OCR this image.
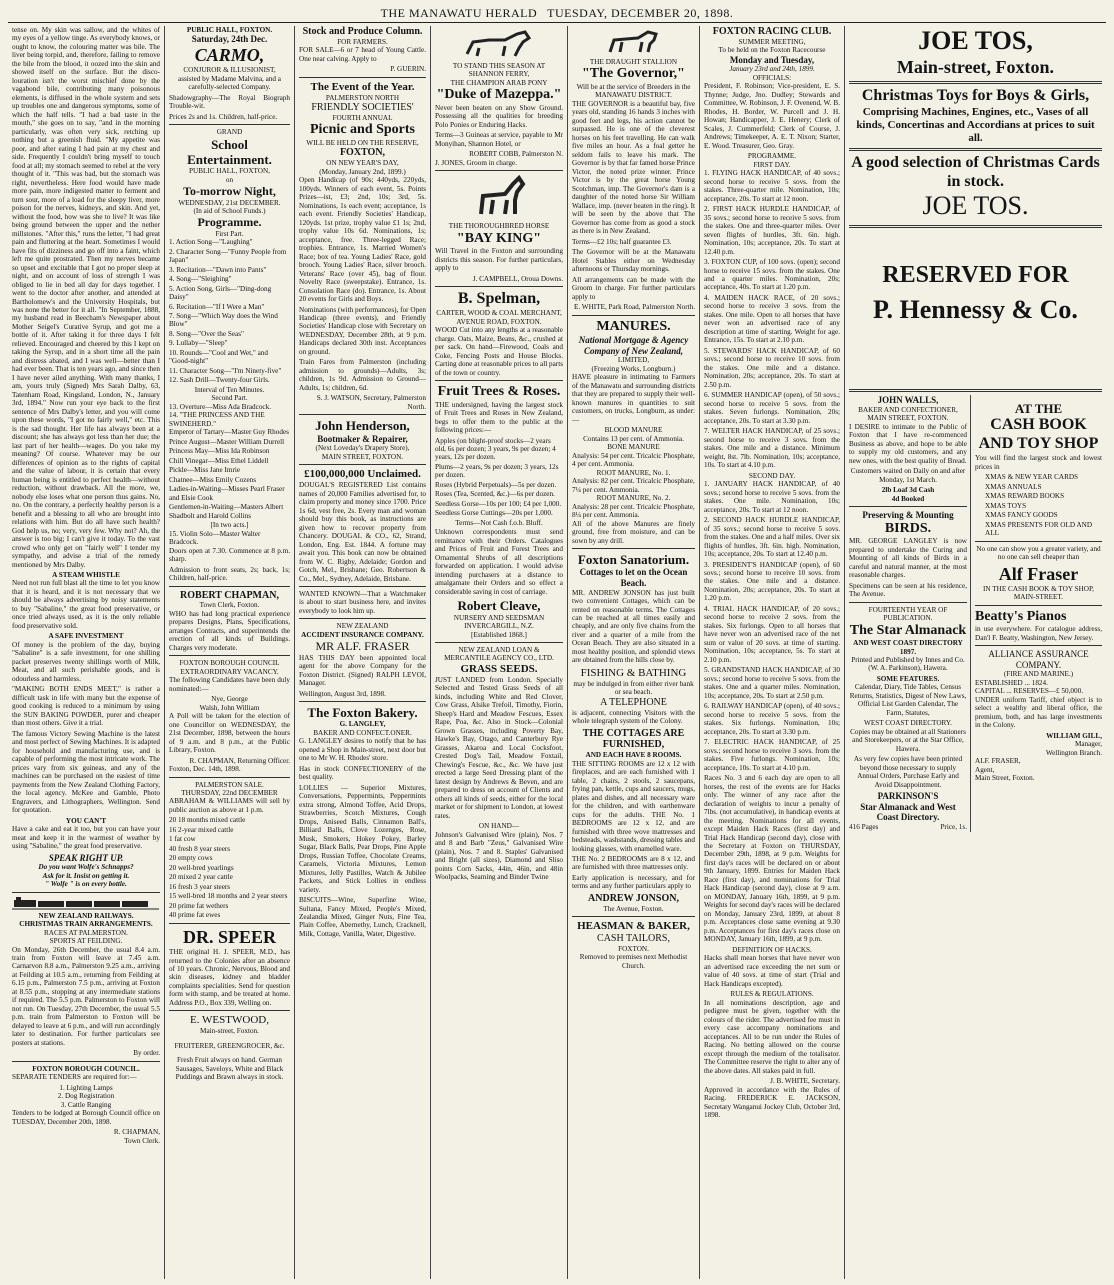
THE MANAWATU HERALD TUESDAY, DECEMBER 20, 1898.

tense on. My skin was sallow, and the whites of my eyes of a yellow tinge. As everybody knows, or ought to know, the colouring matter was bile. The liver being torpid, and, therefore, failing to remove the bile from the blood, it oozed into the skin and showed itself on the surface. But the disco-louration isn't the worst mischief done by the vagabond bile, contributing many poisonous elements, is diffused in the whole system and sets up troubles one and dangerous symptoms, some of which the half tells. "I had a bad taste in the mouth," she goes on to say, "and in the morning particularly, was often very sick, retching up nothing but a greenish fluid. "My appetite was poor, and after eating I had pain at my chest and side. Frequently I couldn't bring myself to touch food at all; my stomach seemed to rebel at the very thought of it. "This was bad, but the stomach was right, nevertheless. Here food would have made more pain, more indigested matter to ferment and turn sour, more of a load for the sleepy liver, more poison for the nerves, kidneys, and skin. And yet, without the food, how was she to live? It was like being ground between the upper and the nether millstones. "After this," runs the letter, "I had great pain and fluttering at the heart. Sometimes I would have fits of dizziness and go off into a faint, which left me quite prostrated. Then my nerves became so upset and excitable that I got no proper sleep at night, and on account of loss of strength I was obliged to lie in bed all day for days together. I went to the doctor after another, and attended at Bartholomew's and the University Hospitals, but was none the better for it all. "In September, 1888, my husband read in Beecham's Newspaper about Mother Seigel's Curative Syrup, and got me a bottle of it. After taking it for three days I felt relieved. Encouraged and cheered by this I kept on taking the Syrup, and in a short time all the pain and distress abated, and I was well—better than I had ever been. That is ten years ago, and since then I have never ailed anything. With many thanks, I am, yours truly (Signed) Mrs Sarah Dalby, 63, Tatenham Road, Kingsland, London, N., January 3rd, 1894." Now run your eye back to the first sentence of Mrs Dalby's letter, and you will come upon these words, "I got no fairly well," etc. This is the sad thought. Her life has always been at a discount; she has always got less than her due; the last part of her health—wages. Do you take my meaning? Of course. Whatever may be our differences of opinion as to the rights of capital and the value of labour, it is certain that every human being is entitled to perfect health—without reduction, without drawback. All the more, we, nobody else loses what one person thus gains. No, no. On the contrary, a perfectly healthy person is a benefit and a blessing to all who are brought into relations with him. But do all have such health? God help us, no; very, very few. Why not? Ah, the answer is too big; I can't give it today. To the vast crowd who only get on "fairly well" I tender my sympathy, and advise a trial of the remedy mentioned by Mrs Dalby.

A STEAM WHISTLE

Need not run full blast all the time to let you know that it is heard, and it is not necessary that we should be always advertising by noisy statements to buy "Sabaline," the great food preservative, or once tried always used, as it is the only reliable food preservative sold.

A SAFE INVESTMENT

Of money is the problem of the day, buying "Sabaline" is a safe investment, for one shilling packet preserves twenty shillings worth of Milk, Meat, and all such perishable goods, and is odourless and harmless.

"MAKING BOTH ENDS MEET," is rather a difficult task in life with many but the expense of good cooking is reduced to a minimum by using the SUN BAKING POWDER, purer and cheaper than most others. Give it a trial.

The famous Victory Sewing Machine is the latest and most perfect of Sewing Machines. It is adapted for household and manufacturing use, and is capable of performing the most intricate work. The prices vary from six guineas, and any of the machines can be purchased on the easiest of time payments from the New Zealand Clothing Factory, the local agency. McKee and Gamble, Photo Engravers, and Lithographers, Wellington. Send for quotation.

YOU CAN'T

Have a cake and eat it too, but you can have your meat and keep it in the warmest of weather by using "Sabaline," the great food preservative.

SPEAK RIGHT UP.
Do you want Wolfe's Schnapps?
Ask for it. Insist on getting it.
" Wolfe " is on every bottle.
NEW ZEALAND RAILWAYS.
CHRISTMAS TRAIN ARRANGEMENTS.
RACES AT PALMERSTON.
SPORTS AT FEILDING.

On Monday, 26th December, the usual 8.4 a.m. train from Foxton will leave at 7.45 a.m. Carnarvon 8.8 a.m., Palmerston 9.25 a.m., arriving at Feilding at 10.5 a.m., returning from Feilding at 6.15 p.m., Palmerston 7.5 p.m., arriving at Foxton at 8.55 p.m., stopping at any intermediate stations if required. The 5.5 p.m. Palmerston to Foxton will not run. On Tuesday, 27th December, the usual 5.5 p.m. train from Palmerston to Foxton will be delayed to leave at 6 p.m., and will run accordingly later to destination. For further particulars see posters at stations.

By order.
FOXTON BOROUGH COUNCIL.

SEPARATE TENDERS are required for:—

1. Lighting Lamps
2. Dog Registration
3. Cattle Ranging

Tenders to be lodged at Borough Council office on TUESDAY, December 20th, 1898.

R. CHAPMAN,
Town Clerk.
PUBLIC HALL, FOXTON.
Saturday, 24th Dec.
CARMO,
CONJUROR & ILLUSIONIST,

assisted by Madame Malvina, and a carefully-selected Company.

Shadowgraphy—The Royal Biograph Trouble-wit.

Prices 2s and 1s. Children, half-price.

GRAND
School Entertainment.
PUBLIC HALL, FOXTON,
on
To-morrow Night,
WEDNESDAY, 21st DECEMBER.
(In aid of School Funds.)
Programme.
First Part.
1. Action Song—"Laughing"
2. Character Song—"Funny People from Japan"
3. Recitation—"Dawn into Pants"
4. Song—"Sleighing"
5. Action Song, Girls—"Ding-dong Daisy"
6. Recitation—"If I Were a Man"
7. Song—"Which Way does the Wind Blow"
8. Song—"Over the Seas"
9. Lullaby—"Sleep"
10. Rounds—"Cool and Wet," and "Good-night"
11. Character Song—"I'm Ninety-five"
12. Sash Drill—Twenty-four Girls.
Interval of Ten Minutes.
Second Part.
13. Overture—Miss Ada Bradcock.
14. "THE PRINCESS AND THE SWINEHERD."
Emperor of Tartary—Master Guy Rhodes
Prince August—Master William Durrell
Princess May—Miss Ida Robinson
Chill Vinegar—Miss Ethel Liddell
Pickle—Miss Jane Imrie
Chatnee—Miss Emily Cozens
Ladies-in-Waiting—Misses Pearl Fraser and Elsie Cook
Gentlemen-in-Waiting—Masters Albert Shadbolt and Harold Collins
[In two acts.]
15. Violin Solo—Master Walter Bradcock.

Doors open at 7.30. Commence at 8 p.m. sharp.

Admission to front seats, 2s; back, 1s; Children, half-price.

ROBERT CHAPMAN,
Town Clerk, Foxton.

WHO has had long practical experience prepares Designs, Plans, Specifications, arranges Contracts, and superintends the erection of all kinds of Buildings. Charges very moderate.

FOXTON BOROUGH COUNCIL
EXTRAORDINARY VACANCY.

The following Candidates have been duly nominated:—

Nye, George
Walsh, John William

A Poll will be taken for the election of one Councillor on WEDNESDAY, the 21st December, 1898, between the hours of 9 a.m. and 8 p.m., at the Public Library, Foxton.

R. CHAPMAN, Returning Officer.
Foxton, Dec. 14th, 1898.
PALMERSTON SALE.
THURSDAY, 22nd DECEMBER

ABRAHAM & WILLIAMS will sell by public auction as above at 1 p.m.

20 18 months mixed cattle
16 2-year mixed cattle
1 fat cow
40 fresh 8 year steers
20 empty cows
20 well-bred yearlings
20 mixed 2 year cattle
16 fresh 3 year steers
15 well-bred 18 months and 2 year steers
20 prime fat wethers
40 prime fat ewes
DR. SPEER

THE original H. J. SPEER, M.D., has returned to the Colonies after an absence of 10 years. Chronic, Nervous, Blood and skin diseases, kidney and bladder complaints specialities. Send for question form with stamp, and be treated at home. Address P.O., Box 339, Welling on.

E. WESTWOOD,
Main-street, Foxton.
FRUITERER, GREENGROCER, &c.

Fresh Fruit always on hand. German Sausages, Saveloys, White and Black Puddings and Brawn always in stock.

Stock and Produce Column.
FOR FARMERS.

FOR SALE—6 or 7 head of Young Cattle. One near calving. Apply to

P. GUERIN.
The Event of the Year.
PALMERSTON NORTH
FRIENDLY SOCIETIES'
FOURTH ANNUAL
Picnic and Sports
WILL BE HELD ON THE RESERVE,
FOXTON,
ON NEW YEAR'S DAY,
(Monday, January 2nd, 1899.)

Open Handicap (of 90s; 440yds, 220yds, 100yds. Winners of each event, 5s. Points Prizes—ist, £3; 2nd, 10s; 3rd, 5s. Nominations, 1s each event; acceptance, 1s each event. Friendly Societies' Handicap, 120yds. 1st prize, trophy value £1 1s; 2nd, trophy value 10s 6d. Nominations, 1s; acceptance, free. Three-legged Race; trophies. Entrance, 1s. Married Women's Race; box of tea. Young Ladies' Race, gold brooch. Young Ladies' Race, silver brooch. Veterans' Race (over 45), bag of flour. Novelty Race (sweepstake). Entrance, 1s. Consolation Race (do). Entrance, 1s. About 20 events for Girls and Boys.

Nominations (with performances), for Open Handicap (three events), and Friendly Societies' Handicap close with Secretary on WEDNESDAY, December 28th, at 9 p.m. Handicaps declared 30th inst. Acceptances on ground.

Train Fares from Palmerston (including admission to grounds)—Adults, 3s; children, 1s 9d. Admission to Ground—Adults, 1s; children, 6d.

S. J. WATSON, Secretary, Palmerston North.
John Henderson,
Bootmaker & Repairer,
(Next Loveday's Drapery Store),
MAIN STREET, FOXTON.
£100,000,000 Unclaimed.

DOUGAL'S REGISTERED List contains names of 20,000 Families advertised for, to claim property and money since 1700. Price 1s 6d, vest free, 2s. Every man and woman should buy this book, as instructions are given how to recover property from Chancery. DOUGAL & CO., 62, Strand, London, Eng. Est. 1844. A fortune may await you. This book can now be obtained from W. C. Rigby, Adelaide; Gordon and Gotch, Mel., Brisbane; Geo. Robertson & Co., Mel., Sydney, Adelaide, Brisbane.

WANTED KNOWN—That a Watchmaker is about to start business here, and invites everybody to look him up.

NEW ZEALAND
ACCIDENT INSURANCE COMPANY.
MR ALF. FRASER

HAS THIS DAY been appointed local agent for the above Company for the Foxton District. (Signed) RALPH LEVOI, Manager.

Wellington, August 3rd, 1898.
The Foxton Bakery.
G. LANGLEY,
BAKER AND CONFECT.ONER.

G. LANGLEY desires to notify that he has opened a Shop in Main-street, next door but one to Mr W. H. Rhodes' store.

Has in stock CONFECTIONERY of the best quality.

LOLLIES — Superior Mixtures, Conversations, Peppermints, Peppermints extra strong, Almond Toffee, Acid Drops, Strawberries, Scotch Mixtures, Cough Drops, Aniseed Balls, Cinnamon Ball's, Billiard Balls, Clove Lozenges, Rose, Musk, Smokers, Hokey Pokey, Barley Sugar, Black Balls, Pear Drops, Pine Apple Drops, Russian Toffee, Chocolate Creams, Caramels, Victoria Mixtures, Lemon Mixtures, Jelly Pastilles, Watch & Jubilee Packets, and Stick Lollies in endless variety.

BISCUITS—Wine, Superfine Wine, Sultana, Fancy Mixed, People's Mixed, Zealandia Mixed, Ginger Nuts, Fine Tea, Plain Coffee, Abernethy, Lunch, Cracknell, Milk, Cottage, Vanilla, Water, Digestive.

TO STAND THIS SEASON AT SHANNON FERRY,
THE CHAMPION ARAB PONY
"Duke of Mazeppa."

Never been beaten on any Show Ground. Possessing all the qualities for breeding Polo Ponies or Enduring Hacks.

Terms—3 Guineas at service, payable to Mr Monyihan, Shannon Hotel, or

ROBERT COBB, Palmerston N.
J. JONES, Groom in charge.
THE THOROUGHBRED HORSE
"BAY KING"

Will Travel in the Foxton and surrounding districts this season. For further particulars, apply to

J. CAMPBELL, Oroua Downs.
B. Spelman,
CARTER, WOOD & COAL MERCHANT,
AVENUE ROAD, FOXTON.

WOOD Cut into any lengths at a reasonable charge. Oats, Maize, Beans, &c., crushed at per sack. On hand—Firewood, Coals and Coke, Fencing Posts and House Blocks. Carting done at reasonable prices to all parts of the town or country.

Fruit Trees & Roses.

THE undersigned, having the largest stock of Fruit Trees and Roses in New Zealand, begs to offer them to the public at the following prices:—

Apples (on blight-proof stocks—2 years old, 6s per dozen; 3 years, 9s per dozen; 4 years, 12s per dozen.
Plums—2 years, 9s per dozen; 3 years, 12s per dozen.
Roses (Hybrid Perpetuals)—5s per dozen.
Roses (Tea, Scented, &c.)—6s per dozen.
Seedless Gorse—10s per 100; £4 per 1,000.
Seedless Gorse Cuttings—20s per 1,000.
Terms—Not Cash f.o.b. Bluff.

Unknown correspondents must send remittance with their Orders. Catalogues and Prices of Fruit and Forest Trees and Ornamental Shrubs of all descriptions forwarded on application. I would advise intending purchasers at a distance to amalgamate their Orders and so effect a considerable saving in cost of carriage.

Robert Cleave,
NURSERY AND SEEDSMAN
INVERCARGILL, N.Z.
[Established 1868.]
NEW ZEALAND LOAN & MERCANTILE AGENCY CO., LTD.
GRASS SEEDS.

JUST LANDED from London. Specially Selected and Tested Grass Seeds of all kinds, including White and Red Clover, Cow Grass, Alsike Trefoil, Timothy, Fiorin, Sheep's Hard and Meadow Fescues, Essex Rape, Poa, &c. Also in Stock—Colonial Grown Grasses, including Poverty Bay, Hawke's Bay, Otago, and Canterbury Rye Grasses, Akaroa and Local Cocksfoot, Crested Dog's Tail, Meadow Foxtail, Chewing's Fescue, &c., &c. We have just erected a large Seed Dressing plant of the latest design by Andrews & Beven, and are prepared to dress on account of Clients and others all kinds of seeds, either for the local market or for shipment to London, at lowest rates.

ON HAND—

Johnson's Galvanised Wire (plain), Nos. 7 and 8 and Barb "Zeus," Galvanised Wire (plain), Nos. 7 and 8. Staples' Galvanised and Bright (all sizes), Diamond and Sliso points Corn Sacks, 44in, 46in, and 48in Woolpacks, Seaming and Binder Twine

THE DRAUGHT STALLION
"The Governor,"
Will be at the service of Breeders in the
MANAWATU DISTRICT.

THE GOVERNOR is a beautiful bay, five years old, standing 16 hands 3 inches with good feet and legs, his action cannot be surpassed. He is one of the cleverest horses on his feet travelling. He can walk five miles an hour. As a foal getter he seldom fails to leave his mark. The Governor is by that far famed horse Prince Victor, the noted prize winner. Prince Victor is by the great horse Young Scotchman, imp. The Governor's dam is a daughter of the noted horse Sir William Wallace, imp. (never beaten in the ring). It will be seen by the above that The Governor has come from as good a stock as there is in New Zealand.

Terms—£2 10s; half guarantee £3.

The Governor will be at the Manawatu Hotel Stables either on Wednesday afternoons or Thursday mornings.

All arrangements can be made with the Groom in charge. For further particulars apply to

E. WHITE, Park Road, Palmerston North.
MANURES.
National Mortgage & Agency Company of New Zealand,
LIMITED,
(Freezing Works, Longburn.)

HAVE pleasure in intimating to Farmers of the Manawatu and surrounding districts that they are prepared to supply their well-known manures in quantities to suit customers, on trucks, Longburn, as under:—

BLOOD MANURE
Contains 13 per cent. of Ammonia.
BONE MANURE
Analysis: 54 per cent. Tricalcic Phosphate, 4 per cent. Ammonia.
ROOT MANURE, No. 1.
Analysis: 82 per cent. Tricalcic Phosphate, 7¼ per cent. Ammonia.
ROOT MANURE, No. 2.
Analysis: 28 per cent. Tricalcic Phosphate, 8¼ per cent. Ammonia.

All of the above Manures are finely ground, free from moisture, and can be sown by any drill.

Foxton Sanatorium.
Cottages to let on the Ocean Beach.

MR. ANDREW JONSON has just built two convenient Cottages, which can be rented on reasonable terms. The Cottages can be reached at all times easily and cheaply, and are only five chains from the river and a quarter of a mile from the Ocean Beach. They are also situated in a most healthy position, and splendid views are obtained from the hills close by.

FISHING & BATHING
may be indulged in from either river bank or sea beach.
A TELEPHONE

is adjacent, connecting Visitors with the whole telegraph system of the Colony.

THE COTTAGES ARE FURNISHED,
AND EACH HAVE 8 ROOMS.

THE SITTING ROOMS are 12 x 12 with fireplaces, and are each furnished with 1 table, 2 chairs, 2 stools, 2 saucepans, frying pan, kettle, cups and saucers, mugs, plates and dishes, and all necessary ware for the children, and with earthenware cups for the adults. THE No. 1 BEDROOMS are 12 x 12, and are furnished with three wove mattresses and bedsteads, washstands, dressing tables and looking glasses, with enamelled ware.

THE No. 2 BEDROOMS are 8 x 12, and are furnished with three mattresses only.

Early application is necessary, and for terms and any further particulars apply to

ANDREW JONSON,
The Avenue, Foxton.
HEASMAN & BAKER,
CASH TAILORS,
FOXTON.
Removed to premises next Methodist Church.
FOXTON RACING CLUB.
SUMMER MEETING,
To be held on the Foxton Racecourse
Monday and Tuesday,
January 23rd and 24th, 1899.
OFFICIALS:

President, F. Robinson; Vice-president, E. S. Thynne; Judge, Jno. Dudley; Stewards and Committee, W. Robinson, J. F. Ovenend, W. B. Rhodes, H. Border, W. Purcell and J. H. Howan; Handicapper, J. E. Henery; Clerk of Scales, J. Cummerfeld; Clerk of Course, J. Andrews; Timekeeper, A. E. T. Nixon; Starter, E. Wood. Treasurer, Geo. Gray.

PROGRAMME.
FIRST DAY.

1. FLYING HACK HANDICAP, of 40 sovs.; second horse to receive 5 sovs. from the stakes. Three-quarter mile. Nomination, 10s; acceptance, 20s. To start at 12 noon.

2. FIRST HACK HURDLE HANDICAP, of 35 sovs.; second horse to receive 5 sovs. from the stakes. One and three-quarter miles. Over seven flights of hurdles, 3ft. 6in. high. Nomination, 10s; acceptance, 20s. To start at 12.40 p.m.

3. FOXTON CUP, of 100 sovs. (open); second horse to receive 15 sovs. from the stakes. One and a quarter miles. Nomination, 20s; acceptance, 40s. To start at 1.20 p.m.

4. MAIDEN HACK RACE, of 20 sovs.; second horse to receive 3 sovs. from the stakes. One mile. Open to all horses that have never won an advertised race of any description at time of starting. Weight for age. Entrance, 15s. To start at 2.10 p.m.

5. STEWARDS' HACK HANDICAP, of 60 sovs.; second horse to receive 10 sovs. from the stakes. One mile and a distance. Nomination, 20s; acceptance, 20s. To start at 2.50 p.m.

6. SUMMER HANDICAP (open), of 50 sovs.; second horse to receive 5 sovs. from the stakes. Seven furlongs. Nomination, 20s; acceptance, 20s. To start at 3.30 p.m.

7. WELTER HACK HANDICAP, of 25 sovs.; second horse to receive 3 sovs. from the stakes. One mile and a distance. Minimum weight, 8st. 7lb. Nomination, 10s; acceptance, 10s. To start at 4.10 p.m.

SECOND DAY.

1. JANUARY HACK HANDICAP, of 40 sovs.; second horse to receive 5 sovs. from the stakes. One mile. Nomination, 10s; acceptance, 20s. To start at 12 noon.

2. SECOND HACK HURDLE HANDICAP, of 35 sovs.; second horse to receive 5 sovs. from the stakes. One and a half miles. Over six flights of hurdles, 3ft. 6in. high. Nomination, 10s; acceptance, 20s. To start at 12.40 p.m.

3. PRESIDENT'S HANDICAP (open), of 60 sovs.; second horse to receive 10 sovs. from the stakes. One mile and a distance. Nomination, 20s; acceptance, 20s. To start at 1.20 p.m.

4. TRIAL HACK HANDICAP, of 20 sovs.; second horse to receive 2 sovs. from the stakes. Six furlongs. Open to all horses that have never won an advertised race of the net sum or value of 20 sovs. at time of starting. Nomination, 10s; acceptance, 5s. To start at 2.10 p.m.

5. GRANDSTAND HACK HANDICAP, of 30 sovs.; second horse to receive 5 sovs. from the stakes. One and a quarter miles. Nomination, 10s; acceptance, 20s. To start at 2.50 p.m.

6. RAILWAY HANDICAP (open), of 40 sovs.; second horse to receive 5 sovs. from the stakes. Six furlongs. Nomination, 10s; acceptance, 20s. To start at 3.30 p.m.

7. ELECTRIC HACK HANDICAP, of 25 sovs.; second horse to receive 3 sovs. from the stakes. Five furlongs. Nomination, 10s; acceptance, 10s. To start at 4.10 p.m.

Races No. 3 and 6 each day are open to all horses, the rest of the events are for Hacks only. The winner of any race after the declaration of weights to incur a penalty of 7lbs. (not accumulative), in handicap events at the meeting. Nominations for all events, except Maiden Hack Races (first day) and Trial Hack Handicap (second day), close with the Secretary at Foxton on THURSDAY, December 29th, 1898, at 9 p.m. Weights for first day's races will be declared on or about 9th January, 1899. Entries for Maiden Hack Race (first day), and nominations for Trial Hack Handicap (second day), close at 9 a.m. on MONDAY, January 16th, 1899, at 9 p.m. Weights for second day's races will be declared on Monday, January 23rd, 1899, at about 8 p.m. Acceptances close same evening at 9.30 p.m. Acceptances for first day's races close on MONDAY, January 16th, 1899, at 9 p.m.

DEFINITION OF HACKS.

Hacks shall mean horses that have never won an advertised race exceeding the net sum or value of 40 sovs. at time of start (Trial and Hack Handicaps excepted).

RULES & REGULATIONS.

In all nominations description, age and pedigree must be given, together with the colours of the rider. The advertised fee must in every case accompany nominations and acceptances. All to be run under the Rules of Racing. No betting allowed on the course except through the medium of the totalisator. The Committee reserve the right to alter any of the above dates. All stakes paid in full.

J. B. WHITE, Secretary.

Approved in accordance with the Rules of Racing. FREDERICK E. JACKSON, Secretary Wanganui Jockey Club, October 3rd, 1898.

JOE TOS,
Main-street, Foxton.
Christmas Toys for Boys & Girls,
Comprising Machines, Engines, etc., Vases of all kinds, Concertinas and Accordians at prices to suit all.
A good selection of Christmas Cards in stock.
JOE TOS.
RESERVED FOR
P. Hennessy & Co.
JOHN WALLS,
BAKER AND CONFECTIONER,
MAIN STREET, FOXTON.

I DESIRE to intimate to the Public of Foxton that I have re-commenced Business as above, and hope to be able to supply my old customers, and any new ones, with the best quality of Bread.

Customers waited on Daily on and after Monday, 1st March.

2lb Loaf 3d Cash
4d Booked
Preserving & Mounting
BIRDS.

MR. GEORGE LANGLEY is now prepared to undertake the Curing and Mounting of all kinds of Birds in a careful and natural manner, at the most reasonable charges.

Specimens can be seen at his residence, The Avenue.

FOURTEENTH YEAR OF PUBLICATION.
The Star Almanack
AND WEST COAST DIRECTORY 1897.

Printed and Published by Innes and Co. (W. A. Parkinson), Hawera.

SOME FEATURES.

Calendar, Diary, Tide Tables, Census Returns, Statistics, Digest of New Laws, Official List Garden Calendar, The Farm, Statutes,

WEST COAST DIRECTORY.

Copies may be obtained at all Stationers and Storekeepers, or at the Star Office, Hawera.

As very few copies have been printed beyond those necessary to supply Annual Orders, Purchase Early and Avoid Disappointment.

PARKINSON'S
Star Almanack and West Coast Directory.
416 Pages	Price, 1s.
AT THE
CASH BOOK AND TOY SHOP

You will find the largest stock and lowest prices in

XMAS & NEW YEAR CARDS
XMAS ANNUALS
XMAS REWARD BOOKS
XMAS TOYS
XMAS FANCY GOODS
XMAS PRESENTS FOR OLD AND ALL

No one can show you a greater variety, and no one can sell cheaper than

Alf Fraser
IN THE CASH BOOK & TOY SHOP, MAIN-STREET.
Beatty's Pianos

in use everywhere. For catalogue address, Dan'l F. Beatty, Washington, New Jersey.

ALLIANCE ASSURANCE COMPANY.
(FIRE AND MARINE.)
ESTABLISHED ... 1824.
CAPITAL ... RESERVES—£ 50,000.

UNDER uniform Tariff, chief object is to select a wealthy and liberal office, the premium, both, and has large investments in the Colony.

WILLIAM GILL,
Manager,
Wellington Branch.
ALF. FRASER,
Agent,
Main Street, Foxton.
